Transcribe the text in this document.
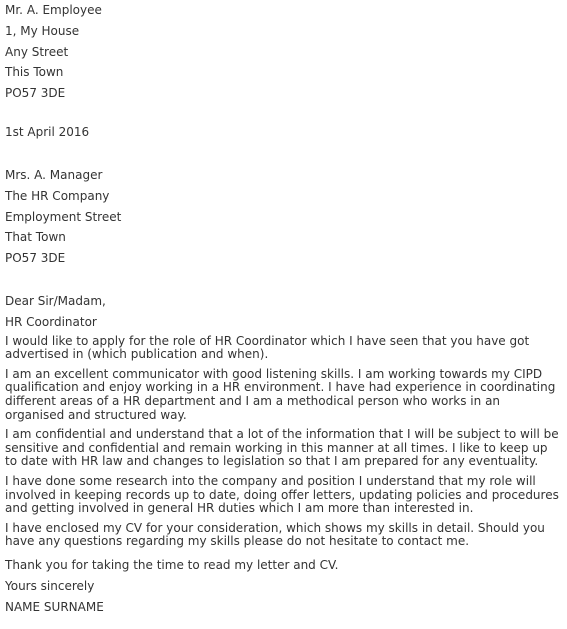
Mr. A. Employee
1, My House
Any Street
This Town
PO57 3DE
1st April 2016
Mrs. A. Manager
The HR Company
Employment Street
That Town
PO57 3DE
Dear Sir/Madam,
HR Coordinator

I would like to apply for the role of HR Coordinator which I have seen that you have got advertised in (which publication and when).

I am an excellent communicator with good listening skills. I am working towards my CIPD qualification and enjoy working in a HR environment. I have had experience in coordinating different areas of a HR department and I am a methodical person who works in an organised and structured way.

I am confidential and understand that a lot of the information that I will be subject to will be sensitive and confidential and remain working in this manner at all times. I like to keep up to date with HR law and changes to legislation so that I am prepared for any eventuality.

I have done some research into the company and position I understand that my role will involved in keeping records up to date, doing offer letters, updating policies and procedures and getting involved in general HR duties which I am more than interested in.

I have enclosed my CV for your consideration, which shows my skills in detail. Should you have any questions regarding my skills please do not hesitate to contact me.

Thank you for taking the time to read my letter and CV.
Yours sincerely
NAME SURNAME
